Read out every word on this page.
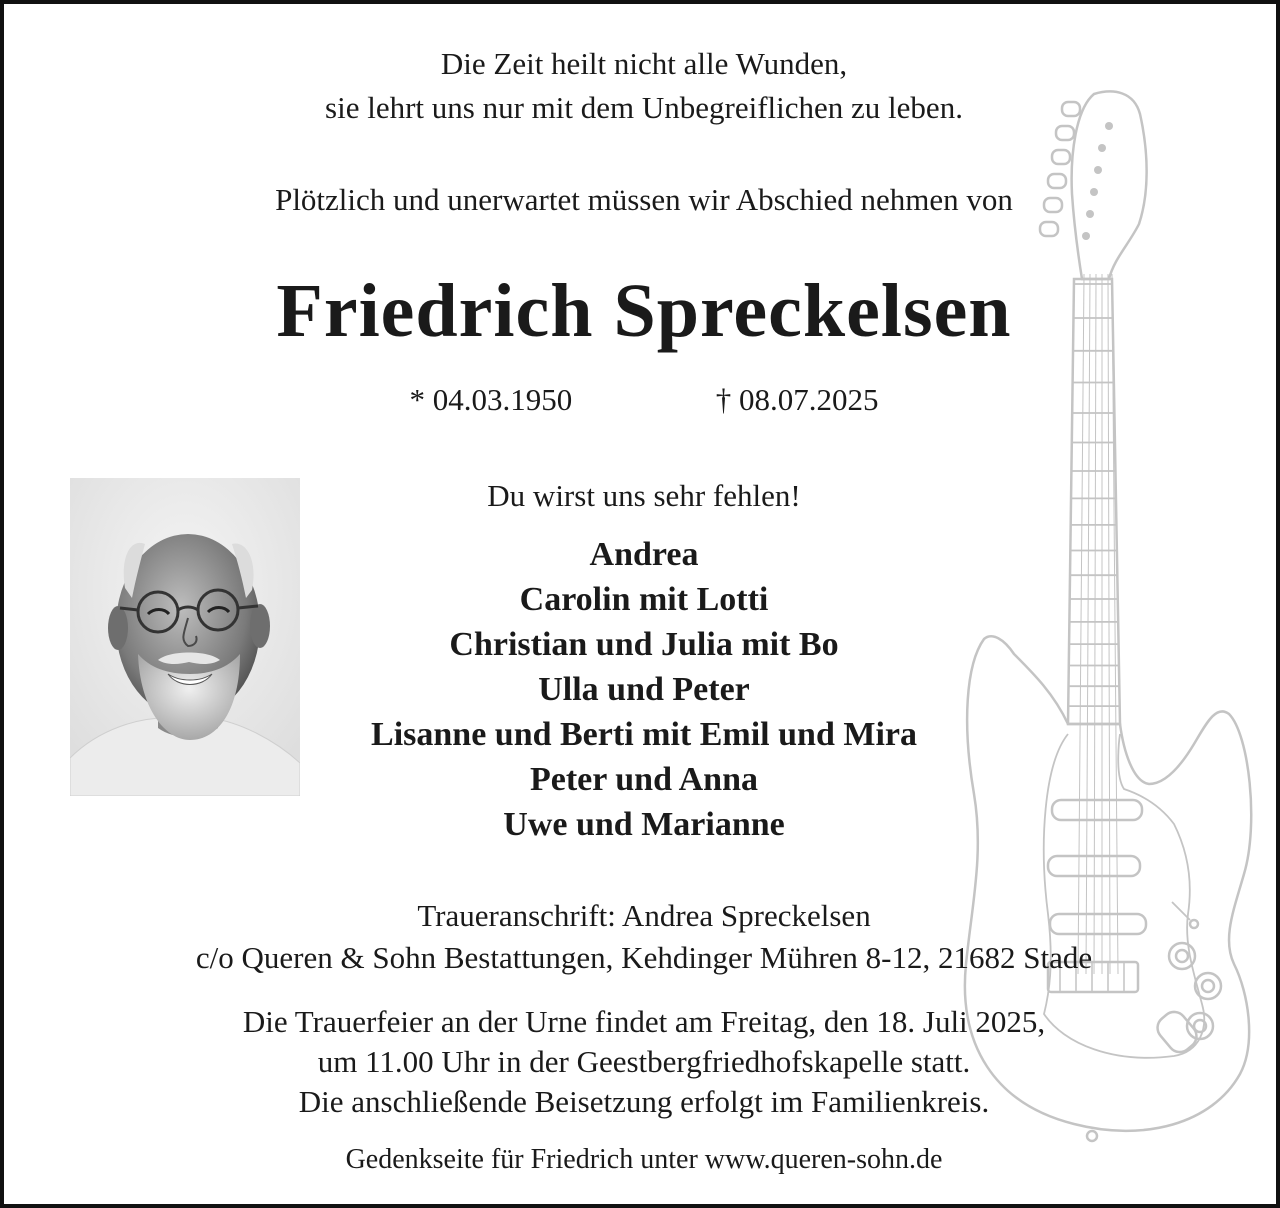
Die Zeit heilt nicht alle Wunden,
sie lehrt uns nur mit dem Unbegreiflichen zu leben.
Plötzlich und unerwartet müssen wir Abschied nehmen von
Friedrich Spreckelsen
* 04.03.1950	† 08.07.2025
Du wirst uns sehr fehlen!
Andrea
Carolin mit Lotti
Christian und Julia mit Bo
Ulla und Peter
Lisanne und Berti mit Emil und Mira
Peter und Anna
Uwe und Marianne
Traueranschrift: Andrea Spreckelsen
c/o Queren & Sohn Bestattungen, Kehdinger Mühren 8-12, 21682 Stade
Die Trauerfeier an der Urne findet am Freitag, den 18. Juli 2025,
um 11.00 Uhr in der Geestbergfriedhofskapelle statt.
Die anschließende Beisetzung erfolgt im Familienkreis.
Gedenkseite für Friedrich unter www.queren-sohn.de
